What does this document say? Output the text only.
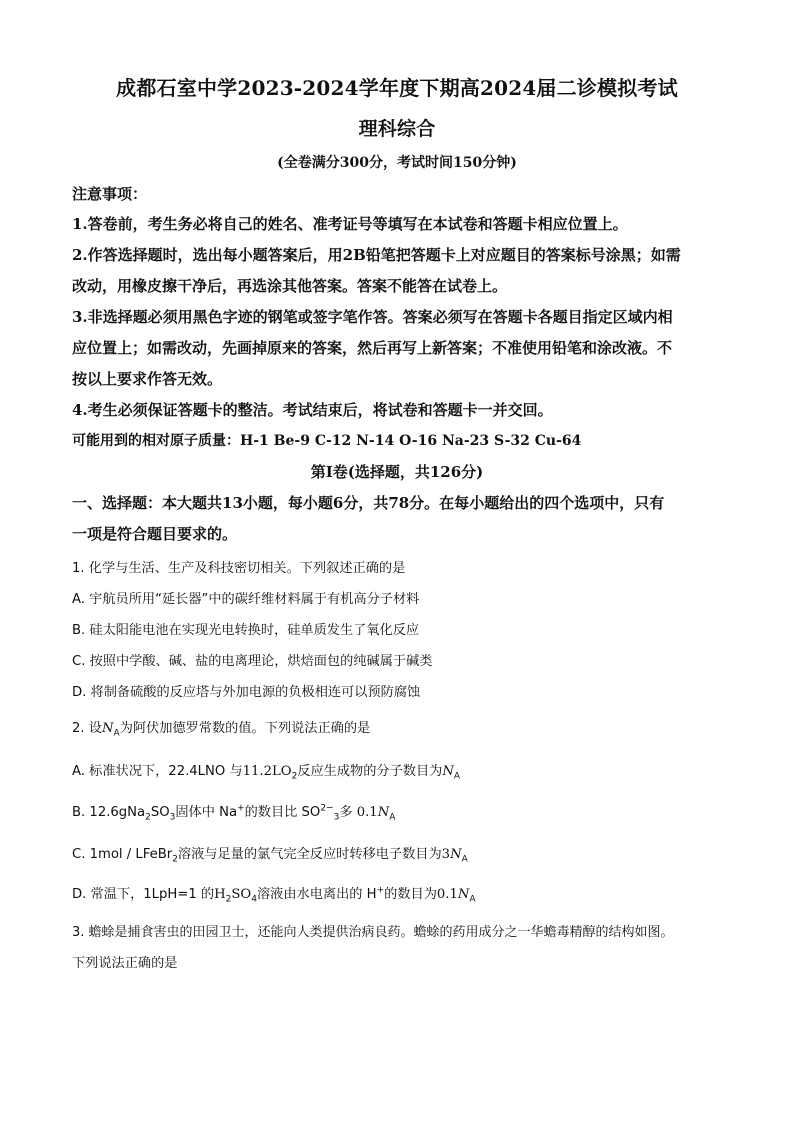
成都石室中学2023-2024学年度下期高2024届二诊模拟考试
理科综合
(全卷满分300分，考试时间150分钟)
注意事项：
1.答卷前，考生务必将自己的姓名、准考证号等填写在本试卷和答题卡相应位置上。
2.作答选择题时，选出每小题答案后，用2B铅笔把答题卡上对应题目的答案标号涂黑；如需
改动，用橡皮擦干净后，再选涂其他答案。答案不能答在试卷上。
3.非选择题必须用黑色字迹的钢笔或签字笔作答。答案必须写在答题卡各题目指定区域内相
应位置上；如需改动，先画掉原来的答案，然后再写上新答案；不准使用铅笔和涂改液。不
按以上要求作答无效。
4.考生必须保证答题卡的整洁。考试结束后，将试卷和答题卡一并交回。
可能用到的相对原子质量：H-1 Be-9 C-12 N-14 O-16 Na-23 S-32 Cu-64
第I卷(选择题，共126分)
一、选择题：本大题共13小题，每小题6分，共78分。在每小题给出的四个选项中，只有
一项是符合题目要求的。
1. 化学与生活、生产及科技密切相关。下列叙述正确的是
A. 宇航员所用“延长器”中的碳纤维材料属于有机高分子材料
B. 硅太阳能电池在实现光电转换时，硅单质发生了氧化反应
C. 按照中学酸、碱、盐的电离理论，烘焙面包的纯碱属于碱类
D. 将制备硫酸的反应塔与外加电源的负极相连可以预防腐蚀
2. 设$N_A$为阿伏加德罗常数的值。下列说法正确的是
A. 标准状况下，22.4LNO 与$11.2LO_2$反应生成物的分子数目为$N_A$
B. $12.6gNa_2SO_3$固体中 Na+的数目比 $SO^{2-}_3$多 $0.1N_A$
C. 1mol / LFeBr$_2$溶液与足量的氯气完全反应时转移电子数目为$3N_A$
D. 常温下，1LpH=1 的$H_2SO_4$溶液由水电离出的 H+的数目为$0.1N_A$
3. 蟾蜍是捕食害虫的田园卫士，还能向人类提供治病良药。蟾蜍的药用成分之一华蟾毒精醇的结构如图。
下列说法正确的是
